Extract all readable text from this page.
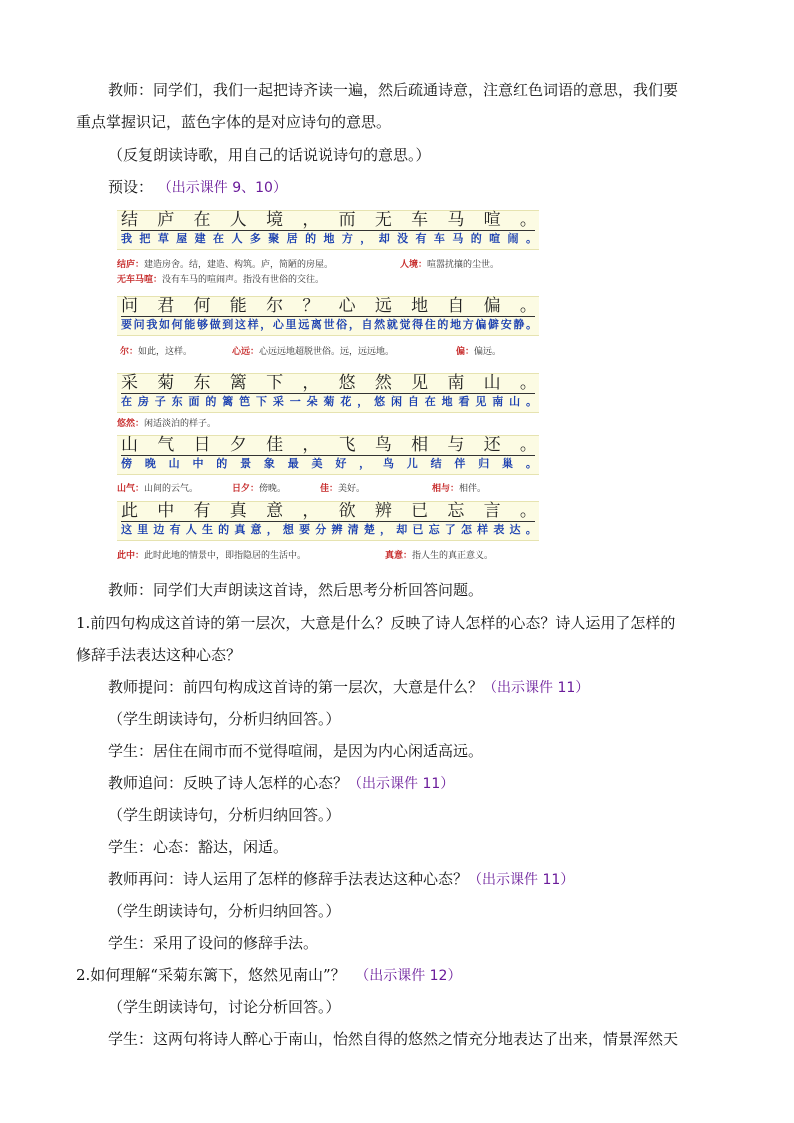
教师：同学们，我们一起把诗齐读一遍，然后疏通诗意，注意红色词语的意思，我们要
重点掌握识记，蓝色字体的是对应诗句的意思。
（反复朗读诗歌，用自己的话说说诗句的意思。）
预设： （出示课件 9、10）
结 庐 在 人 境 ， 而 无 车 马 喧 。
我 把 草 屋 建 在 人 多 聚 居 的 地 方 ， 却 没 有 车 马 的 喧 闹 。
结庐：建造房舍。结，建造、构筑。庐，简陋的房屋。	人境：喧嚣扰攘的尘世。
无车马喧：没有车马的喧闹声。指没有世俗的交往。
问 君 何 能 尔 ？ 心 远 地 自 偏 。
要 问 我 如 何 能 够 做 到 这 样 ， 心 里 远 离 世 俗 ， 自 然 就 觉 得 住 的 地 方 偏 僻 安 静 。
尔：如此，这样。	心远：心远远地超脱世俗。远，远远地。	偏：偏远。
采 菊 东 篱 下 ， 悠 然 见 南 山 。
在 房 子 东 面 的 篱 笆 下 采 一 朵 菊 花 ， 悠 闲 自 在 地 看 见 南 山 。
悠然：闲适淡泊的样子。
山 气 日 夕 佳 ， 飞 鸟 相 与 还 。
傍 晚 山 中 的 景 象 最 美 好 ， 鸟 儿 结 伴 归 巢 。
山气：山间的云气。	日夕：傍晚。	佳：美好。	相与：相伴。
此 中 有 真 意 ， 欲 辨 已 忘 言 。
这 里 边 有 人 生 的 真 意 ， 想 要 分 辨 清 楚 ， 却 已 忘 了 怎 样 表 达 。
此中：此时此地的情景中，即指隐居的生活中。	真意：指人生的真正意义。
教师：同学们大声朗读这首诗，然后思考分析回答问题。
1.前四句构成这首诗的第一层次，大意是什么？反映了诗人怎样的心态？诗人运用了怎样的
修辞手法表达这种心态？
教师提问：前四句构成这首诗的第一层次，大意是什么？（出示课件 11）
（学生朗读诗句，分析归纳回答。）
学生：居住在闹市而不觉得喧闹，是因为内心闲适高远。
教师追问：反映了诗人怎样的心态？（出示课件 11）
（学生朗读诗句，分析归纳回答。）
学生：心态：豁达，闲适。
教师再问：诗人运用了怎样的修辞手法表达这种心态？（出示课件 11）
（学生朗读诗句，分析归纳回答。）
学生：采用了设问的修辞手法。
2.如何理解“采菊东篱下，悠然见南山”？ （出示课件 12）
（学生朗读诗句，讨论分析回答。）
学生：这两句将诗人醉心于南山，怡然自得的悠然之情充分地表达了出来，情景浑然天
